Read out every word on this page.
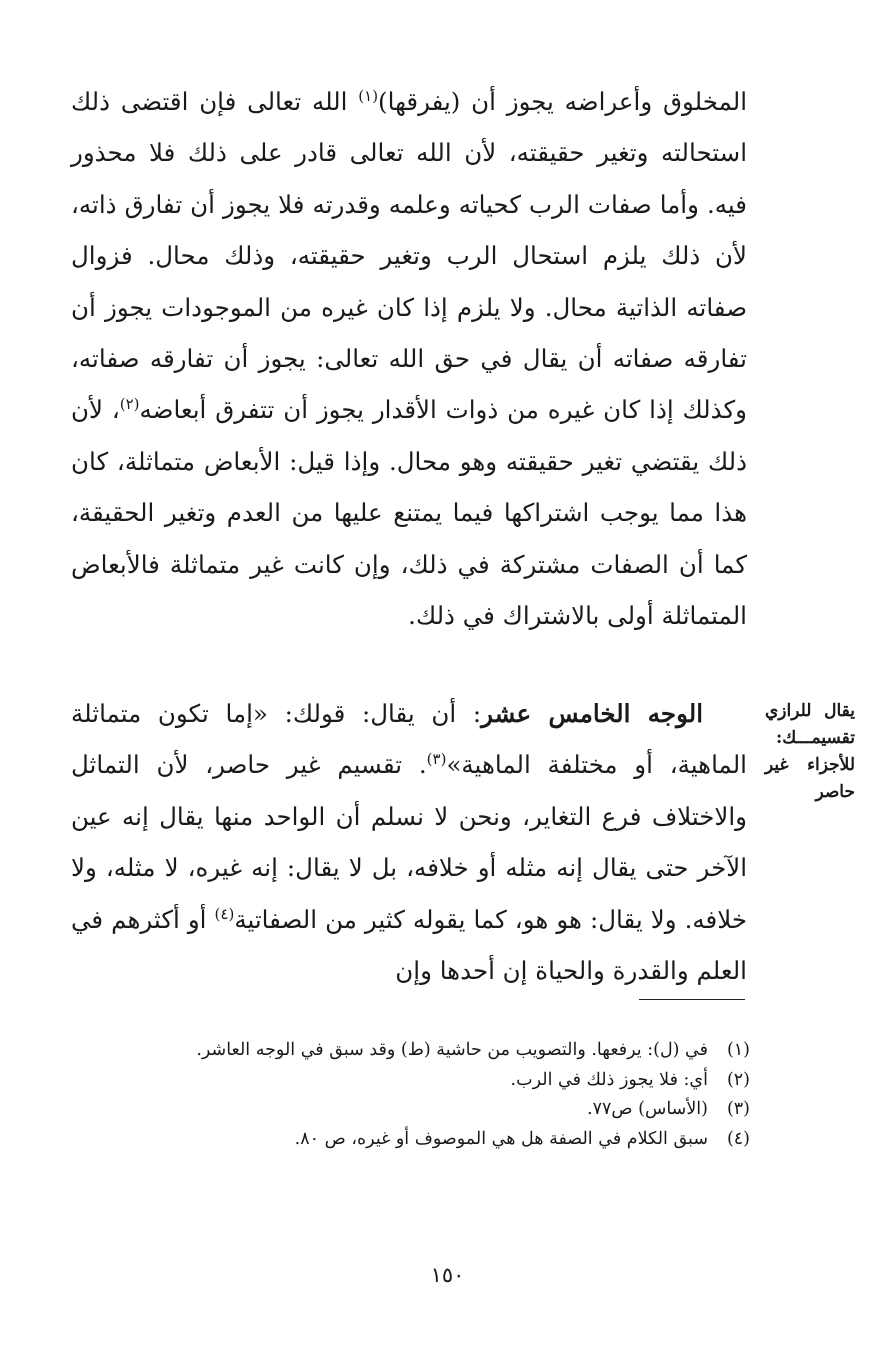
المخلوق وأعراضه يجوز أن (يفرقها)$^{(١)}$ الله تعالى فإن اقتضى ذلك استحالته وتغير حقيقته، لأن الله تعالى قادر على ذلك فلا محذور فيه. وأما صفات الرب كحياته وعلمه وقدرته فلا يجوز أن تفارق ذاته، لأن ذلك يلزم استحال الرب وتغير حقيقته، وذلك محال. فزوال صفاته الذاتية محال. ولا يلزم إذا كان غيره من الموجودات يجوز أن تفارقه صفاته أن يقال في حق الله تعالى: يجوز أن تفارقه صفاته، وكذلك إذا كان غيره من ذوات الأقدار يجوز أن تتفرق أبعاضه$^{(٢)}$، لأن ذلك يقتضي تغير حقيقته وهو محال. وإذا قيل: الأبعاض متماثلة، كان هذا مما يوجب اشتراكها فيما يمتنع عليها من العدم وتغير الحقيقة، كما أن الصفات مشتركة في ذلك، وإن كانت غير متماثلة فالأبعاض المتماثلة أولى بالاشتراك في ذلك.

الوجه الخامس عشر: أن يقال: قولك: «إما تكون متماثلة الماهية، أو مختلفة الماهية»$^{(٣)}$. تقسيم غير حاصر، لأن التماثل والاختلاف فرع التغاير، ونحن لا نسلم أن الواحد منها يقال إنه عين الآخر حتى يقال إنه مثله أو خلافه، بل لا يقال: إنه غيره، لا مثله، ولا خلافه. ولا يقال: هو هو، كما يقوله كثير من الصفاتية$^{(٤)}$ أو أكثرهم في العلم والقدرة والحياة إن أحدها وإن

يقال للرازي تقسيمـــك: للأجزاء غير حاصر
(١)في (ل): يرفعها. والتصويب من حاشية (ط) وقد سبق في الوجه العاشر.
(٢)أي: فلا يجوز ذلك في الرب.
(٣)(الأساس) ص٧٧.
(٤)سبق الكلام في الصفة هل هي الموصوف أو غيره، ص ٨٠.
١٥٠
